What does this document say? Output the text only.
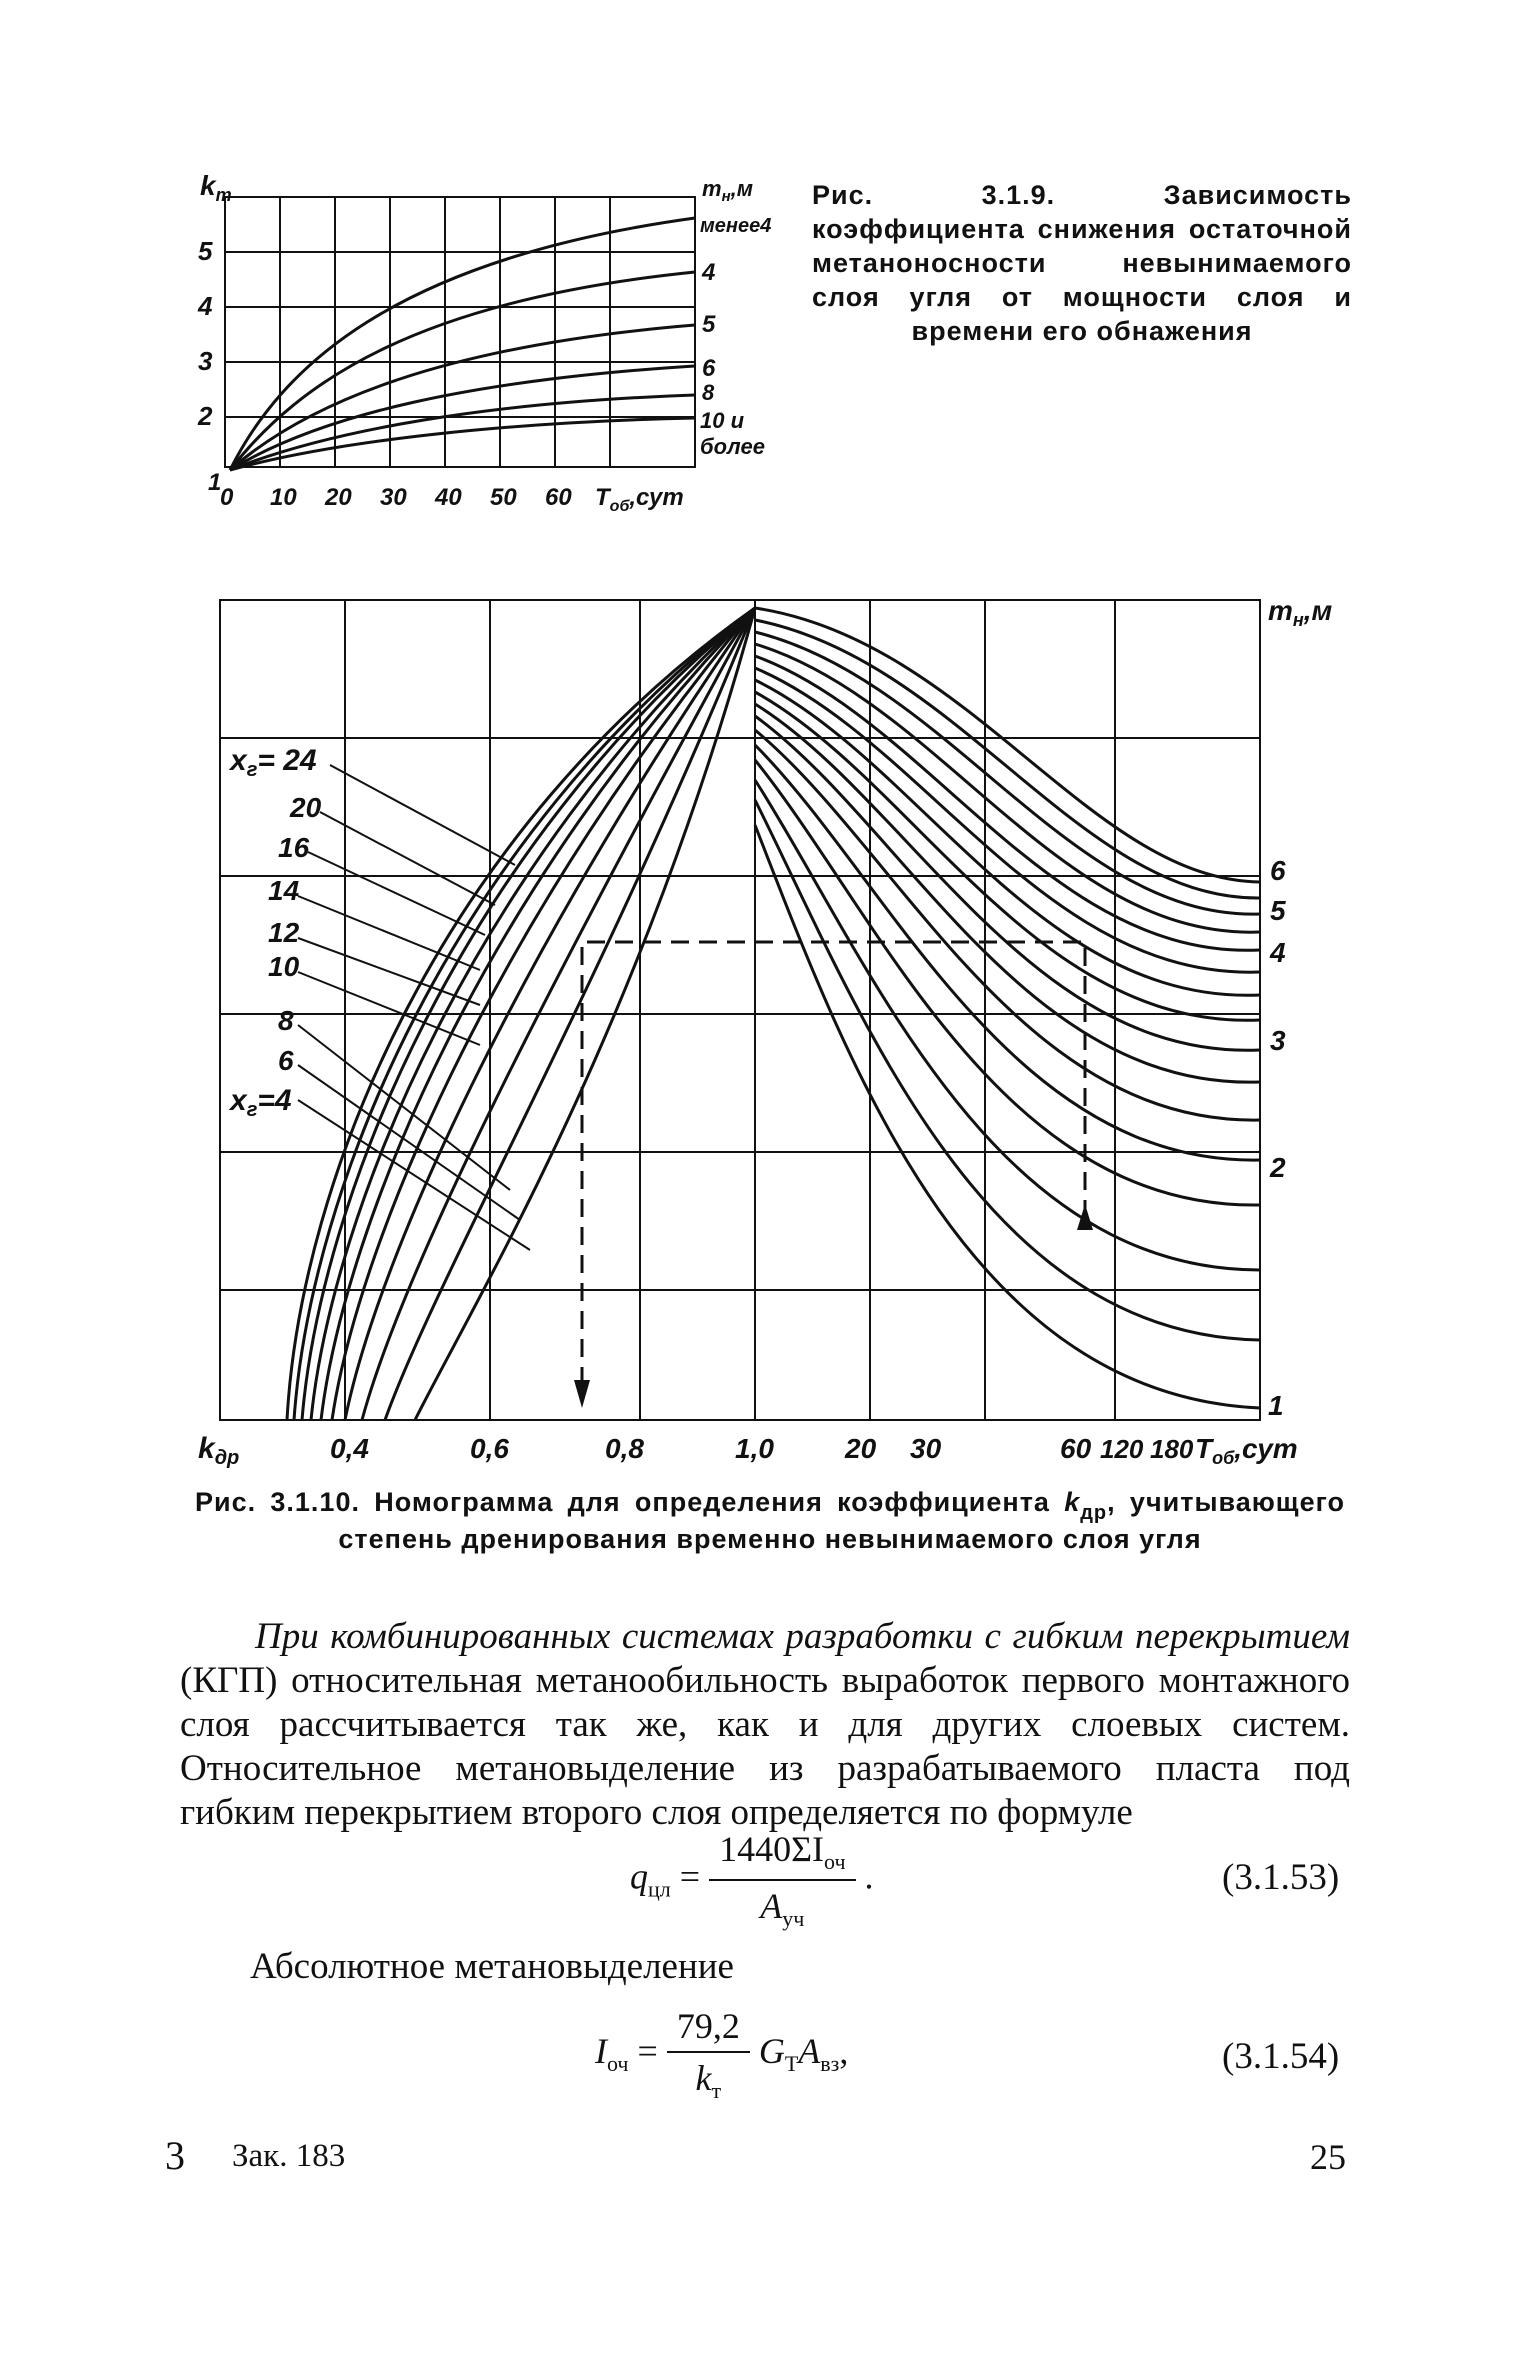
$k_т$
5
4
3
2
1
0 10 20 30 40 50 60 $T_{об},сут$
$m_н,м$
менее4
4
5
6
8
10 и
более
Рис. 3.1.9. Зависимость коэффициента снижения остаточной метаноносности невынимаемого слоя угля от мощности слоя и времени его обнажения
$x_г= 24$
20
16
14
12
10
8
6
$x_г=4$
$m_н,м$
6
5
4
3
2
1
$k_{др}$	0,4	0,6	0,8	1,0	20 30	60 120 180 $T_{об},сут$
Рис. 3.1.10. Номограмма для определения коэффициента $k_{др}$, учитывающего степень дренирования временно невынимаемого слоя угля
При комбинированных системах разработки с гибким перекрытием (КГП) относительная метанообильность выработок первого монтажного слоя рассчитывается так же, как и для других слоевых систем. Относительное метановыделение из разрабатываемого пласта под гибким перекрытием второго слоя определяется по формуле
$q_{цл} = \frac{1440\Sigma I_{оч}}{A_{уч}}$ .	(3.1.53)
Абсолютное метановыделение
$I_{оч} = \frac{79,2}{k_т} G_TA_{вз}$,	(3.1.54)
3 Зак. 183	25
